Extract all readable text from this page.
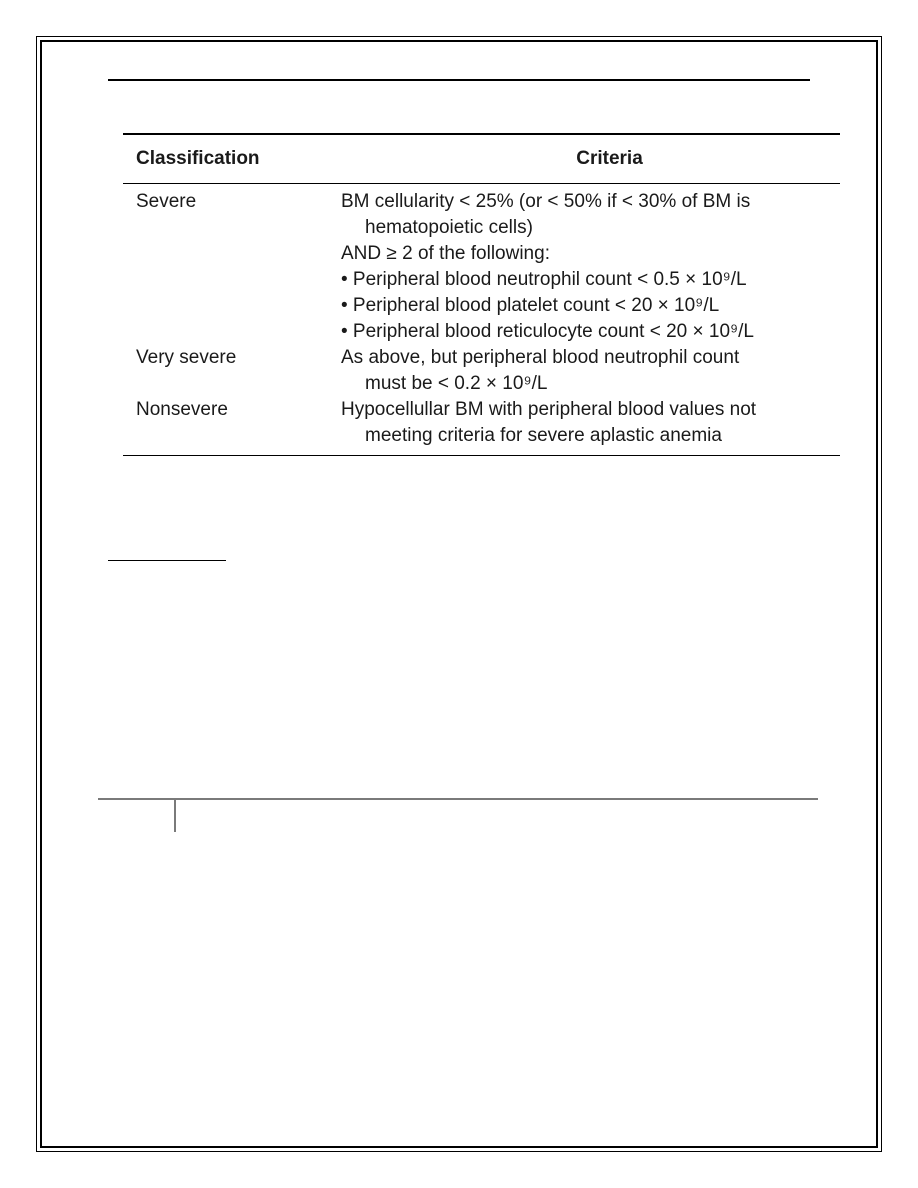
Classification	Criteria
Severe	BM cellularity < 25% (or < 50% if < 30% of BM is
hematopoietic cells)
AND ≥ 2 of the following:
• Peripheral blood neutrophil count < 0.5 × 10⁹/L
• Peripheral blood platelet count < 20 × 10⁹/L
• Peripheral blood reticulocyte count < 20 × 10⁹/L
Very severe	As above, but peripheral blood neutrophil count
must be < 0.2 × 10⁹/L
Nonsevere	Hypocellullar BM with peripheral blood values not
meeting criteria for severe aplastic anemia
